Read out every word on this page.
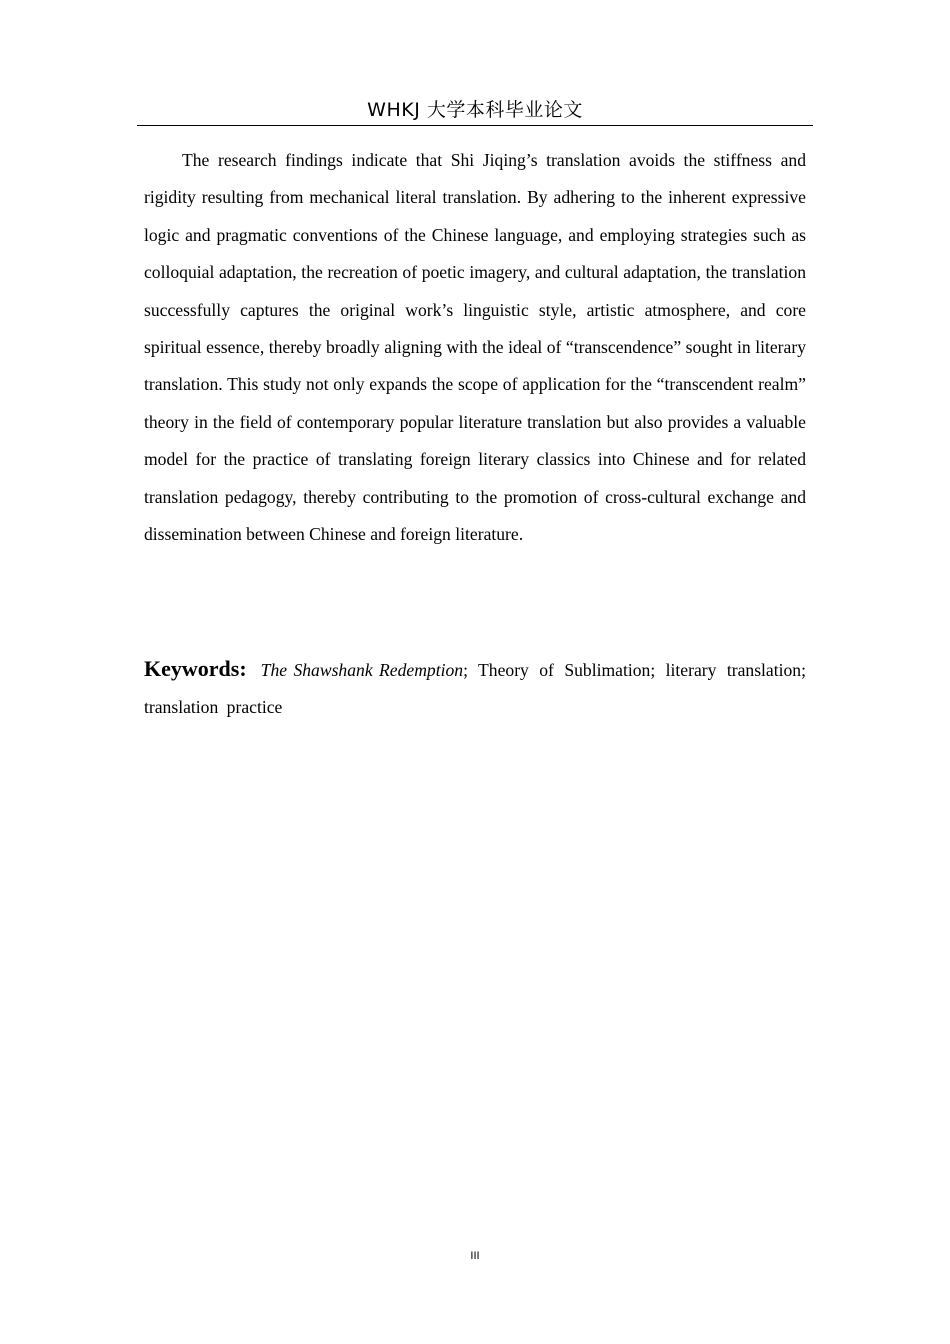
WHKJ 大学本科毕业论文

The research findings indicate that Shi Jiqing’s translation avoids the stiffness and rigidity resulting from mechanical literal translation. By adhering to the inherent expressive logic and pragmatic conventions of the Chinese language, and employing strategies such as colloquial adaptation, the recreation of poetic imagery, and cultural adaptation, the translation successfully captures the original work’s linguistic style, artistic atmosphere, and core spiritual essence, thereby broadly aligning with the ideal of “transcendence” sought in literary translation. This study not only expands the scope of application for the “transcendent realm” theory in the field of contemporary popular literature translation but also provides a valuable model for the practice of translating foreign literary classics into Chinese and for related translation pedagogy, thereby contributing to the promotion of cross-cultural exchange and dissemination between Chinese and foreign literature.

Keywords: The Shawshank Redemption; Theory of Sublimation; literary translation; translation practice

III
